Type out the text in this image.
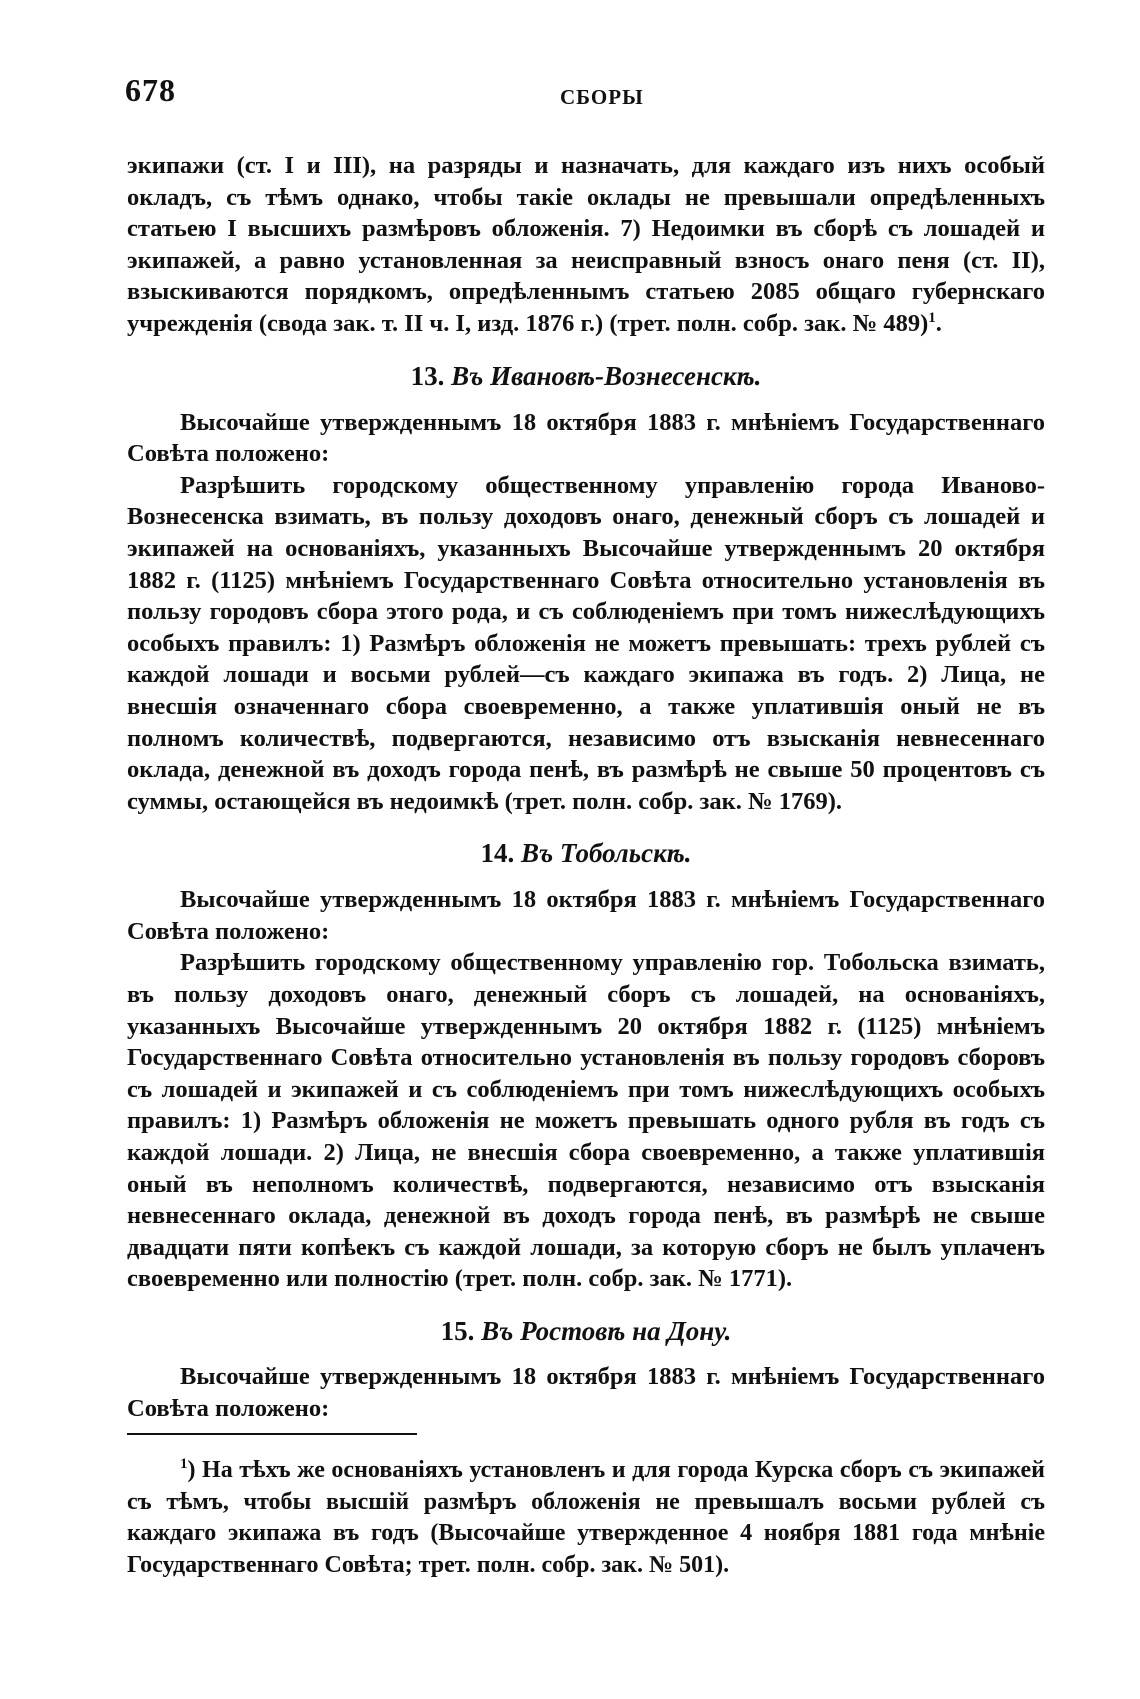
678	СБОРЫ

экипажи (ст. I и III), на разряды и назначать, для каждаго изъ нихъ особый окладъ, съ тѣмъ однако, чтобы такіе оклады не превышали опредѣленныхъ статьею I высшихъ размѣровъ обложенія. 7) Недоимки въ сборѣ съ лошадей и экипажей, а равно установленная за неисправный взносъ онаго пеня (ст. II), взыскиваются порядкомъ, опредѣленнымъ статьею 2085 общаго губернскаго учрежденія (свода зак. т. II ч. I, изд. 1876 г.) (трет. полн. собр. зак. № 489)$^1$.

13. Въ Ивановѣ-Вознесенскѣ.

Высочайше утвержденнымъ 18 октября 1883 г. мнѣніемъ Государственнаго Совѣта положено:

Разрѣшить городскому общественному управленію города Иваново-Вознесенска взимать, въ пользу доходовъ онаго, денежный сборъ съ лошадей и экипажей на основаніяхъ, указанныхъ Высочайше утвержденнымъ 20 октября 1882 г. (1125) мнѣніемъ Государственнаго Совѣта относительно установленія въ пользу городовъ сбора этого рода, и съ соблюденіемъ при томъ нижеслѣдующихъ особыхъ правилъ: 1) Размѣръ обложенія не можетъ превышать: трехъ рублей съ каждой лошади и восьми рублей—съ каждаго экипажа въ годъ. 2) Лица, не внесшія означеннаго сбора своевременно, а также уплатившія оный не въ полномъ количествѣ, подвергаются, независимо отъ взысканія невнесеннаго оклада, денежной въ доходъ города пенѣ, въ размѣрѣ не свыше 50 процентовъ съ суммы, остающейся въ недоимкѣ (трет. полн. собр. зак. № 1769).

14. Въ Тобольскѣ.

Высочайше утвержденнымъ 18 октября 1883 г. мнѣніемъ Государственнаго Совѣта положено:

Разрѣшить городскому общественному управленію гор. Тобольска взимать, въ пользу доходовъ онаго, денежный сборъ съ лошадей, на основаніяхъ, указанныхъ Высочайше утвержденнымъ 20 октября 1882 г. (1125) мнѣніемъ Государственнаго Совѣта относительно установленія въ пользу городовъ сборовъ съ лошадей и экипажей и съ соблюденіемъ при томъ нижеслѣдующихъ особыхъ правилъ: 1) Размѣръ обложенія не можетъ превышать одного рубля въ годъ съ каждой лошади. 2) Лица, не внесшія сбора своевременно, а также уплатившія оный въ неполномъ количествѣ, подвергаются, независимо отъ взысканія невнесеннаго оклада, денежной въ доходъ города пенѣ, въ размѣрѣ не свыше двадцати пяти копѣекъ съ каждой лошади, за которую сборъ не былъ уплаченъ своевременно или полностію (трет. полн. собр. зак. № 1771).

15. Въ Ростовѣ на Дону.

Высочайше утвержденнымъ 18 октября 1883 г. мнѣніемъ Государственнаго Совѣта положено:

$^1$) На тѣхъ же основаніяхъ установленъ и для города Курска сборъ съ экипажей съ тѣмъ, чтобы высшій размѣръ обложенія не превышалъ восьми рублей съ каждаго экипажа въ годъ (Высочайше утвержденное 4 ноября 1881 года мнѣніе Государственнаго Совѣта; трет. полн. собр. зак. № 501).
